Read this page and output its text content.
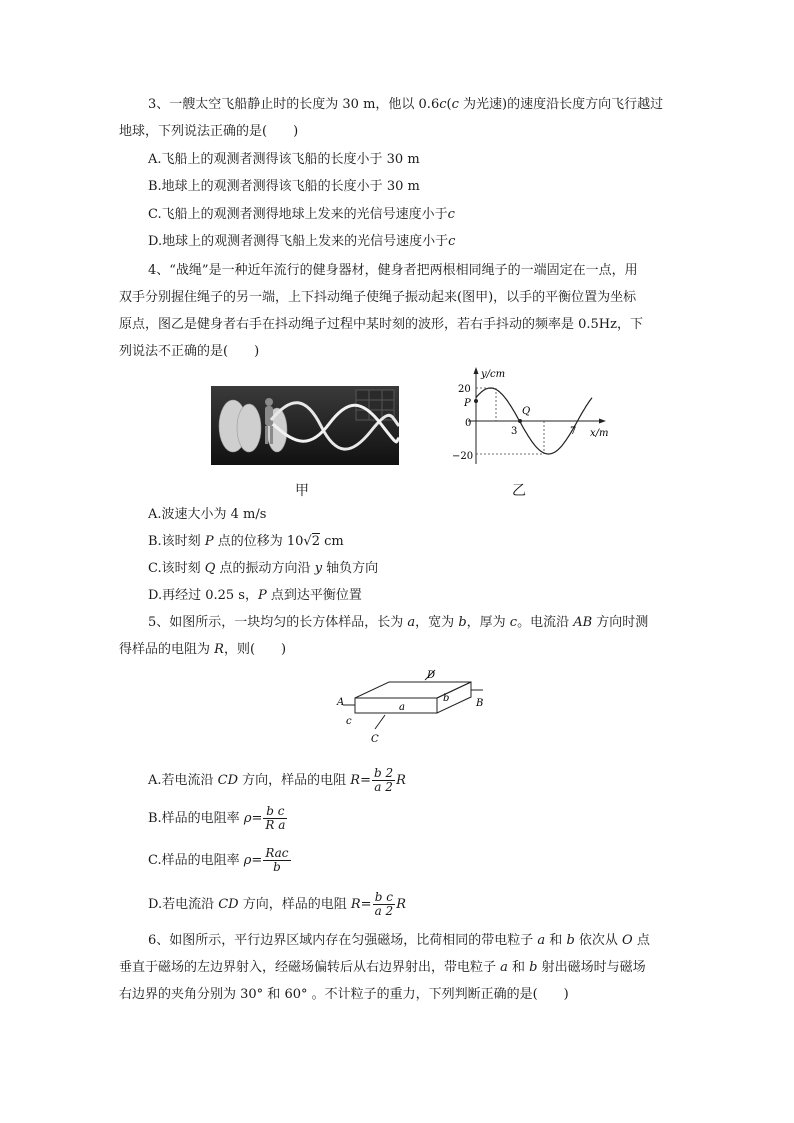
3、一艘太空飞船静止时的长度为 30 m，他以 0.6c(c 为光速)的速度沿长度方向飞行越过
地球，下列说法正确的是(　　)
A.飞船上的观测者测得该飞船的长度小于 30 m
B.地球上的观测者测得该飞船的长度小于 30 m
C.飞船上的观测者测得地球上发来的光信号速度小于c
D.地球上的观测者测得飞船上发来的光信号速度小于c
4、“战绳”是一种近年流行的健身器材，健身者把两根相同绳子的一端固定在一点，用
双手分别握住绳子的另一端，上下抖动绳子使绳子振动起来(图甲)，以手的平衡位置为坐标
原点，图乙是健身者右手在抖动绳子过程中某时刻的波形，若右手抖动的频率是 0.5Hz，下
列说法不正确的是(　　)
甲
y/cm
x/m
20
−20
0
3	7
P
Q
乙
A.波速大小为 4 m/s
B.该时刻 P 点的位移为 10√2 cm
C.该时刻 Q 点的振动方向沿 y 轴负方向
D.再经过 0.25 s，P 点到达平衡位置
5、如图所示，一块均匀的长方体样品，长为 a，宽为 b，厚为 c。电流沿 AB 方向时测
得样品的电阻为 R，则(　　)
A	B
C
D
a
b
c
A.若电流沿 CD 方向，样品的电阻 $R= \frac{b 2}{a 2}$ R
B.样品的电阻率 $\rho= \frac{\text{b c}}{\text{R a}}$
C.样品的电阻率 $\rho= \frac{\text{Rac}}{b}$
D.若电流沿 CD 方向，样品的电阻 $R= \frac{\text{b c}}{a 2}$ R
6、如图所示，平行边界区域内存在匀强磁场，比荷相同的带电粒子 a 和 b 依次从 O 点
垂直于磁场的左边界射入，经磁场偏转后从右边界射出，带电粒子 a 和 b 射出磁场时与磁场
右边界的夹角分别为 30° 和 60° 。不计粒子的重力，下列判断正确的是(　　)
